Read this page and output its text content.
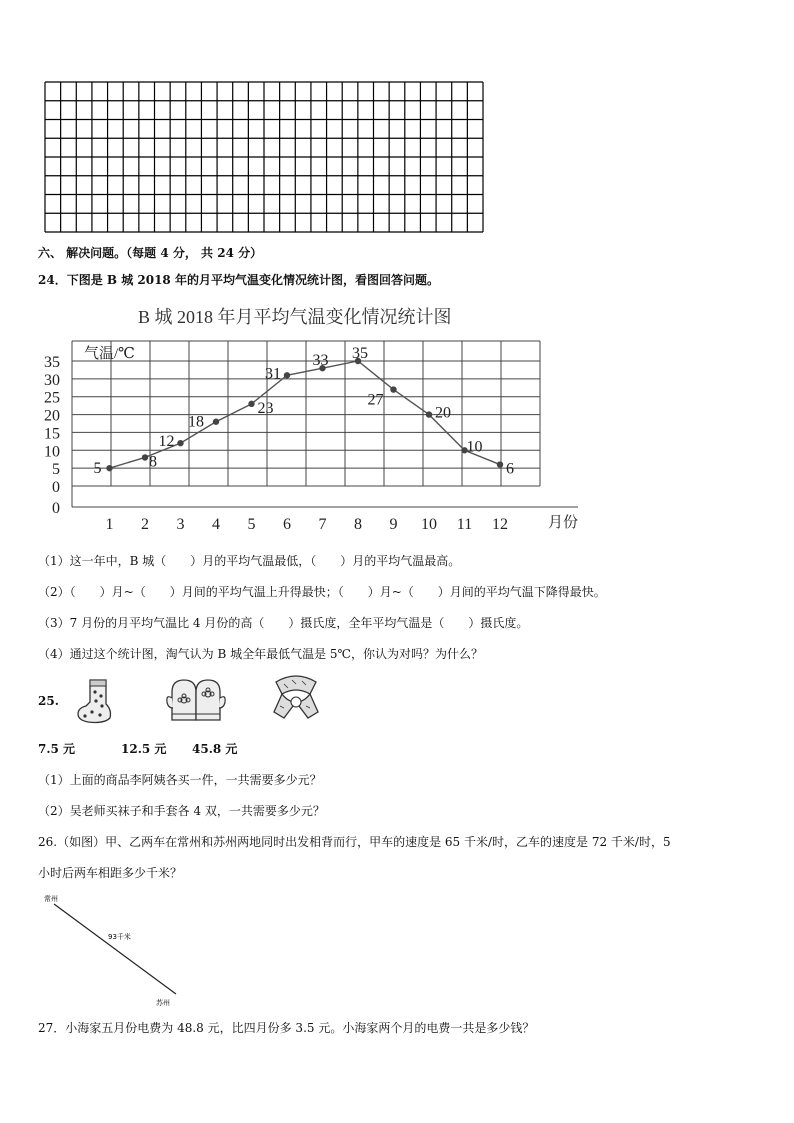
六、 解决问题。（每题 4 分， 共 24 分）
24．下图是 B 城 2018 年的月平均气温变化情况统计图，看图回答问题。
B 城 2018 年月平均气温变化情况统计图
0
5
10
15
20
25
30
35
0
1 2 3 4 5 6 7 8 9 10 11 12
5	8
12
18
23
31
33 35
27
20
10
6
气温/℃
月份
（1）这一年中，B 城（　　）月的平均气温最低，（　　）月的平均气温最高。
（2）（　　）月~（　　）月间的平均气温上升得最快；（　　）月~（　　）月间的平均气温下降得最快。
（3）7 月份的月平均气温比 4 月份的高（　　）摄氏度，全年平均气温是（　　）摄氏度。
（4）通过这个统计图，淘气认为 B 城全年最低气温是 5℃，你认为对吗？为什么？
25.
7.5 元	12.5 元 45.8 元
（1）上面的商品李阿姨各买一件，一共需要多少元？
（2）吴老师买袜子和手套各 4 双，一共需要多少元？
26.（如图）甲、乙两车在常州和苏州两地同时出发相背而行，甲车的速度是 65 千米/时，乙车的速度是 72 千米/时，5
小时后两车相距多少千米？
常州
93千米
苏州
27．小海家五月份电费为 48.8 元，比四月份多 3.5 元。小海家两个月的电费一共是多少钱？
